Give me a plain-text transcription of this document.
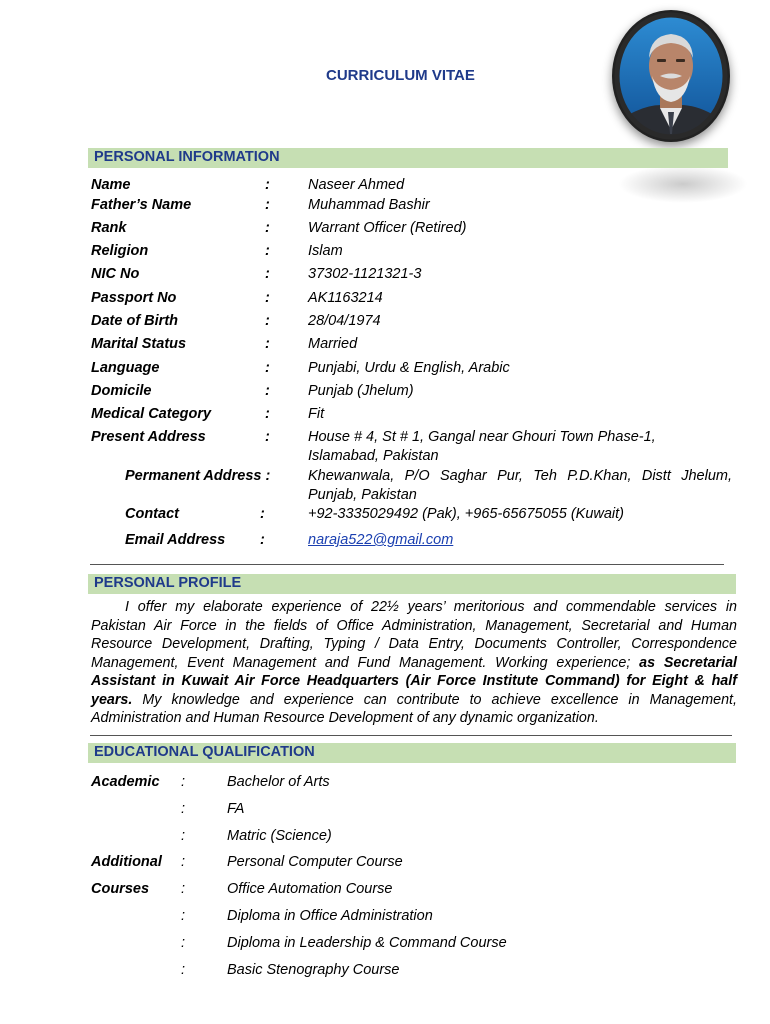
CURRICULUM VITAE
PERSONAL INFORMATION
Name	:	Naseer Ahmed
Father’s Name	:	Muhammad Bashir
Rank	:	Warrant Officer (Retired)
Religion	:	Islam
NIC No	:	37302-1121321-3
Passport No	:	AK1163214
Date of Birth	:	28/04/1974
Marital Status	:	Married
Language	:	Punjabi, Urdu & English, Arabic
Domicile	:	Punjab (Jhelum)
Medical Category	:	Fit
Present Address	:	House # 4, St # 1, Gangal near Ghouri Town Phase-1,
Islamabad, Pakistan
Permanent Address :	Khewanwala, P/O Saghar Pur, Teh P.D.Khan, Distt Jhelum,
Punjab, Pakistan
Contact	:	+92-3335029492 (Pak), +965-65675055 (Kuwait)
Email Address :	naraja522@gmail.com
PERSONAL PROFILE
I offer my elaborate experience of 22½ years’ meritorious and commendable services in
Pakistan Air Force in the fields of Office Administration, Management, Secretarial and Human
Resource Development, Drafting, Typing / Data Entry, Documents Controller, Correspondence
Management, Event Management and Fund Management. Working experience; as Secretarial
Assistant in Kuwait Air Force Headquarters (Air Force Institute Command) for Eight & half
years. My knowledge and experience can contribute to achieve excellence in Management,
Administration and Human Resource Development of any dynamic organization.
EDUCATIONAL QUALIFICATION
Academic :	Bachelor of Arts
:	FA
:	Matric (Science)
Additional :	Personal Computer Course
Courses :	Office Automation Course
:	Diploma in Office Administration
:	Diploma in Leadership & Command Course
:	Basic Stenography Course
